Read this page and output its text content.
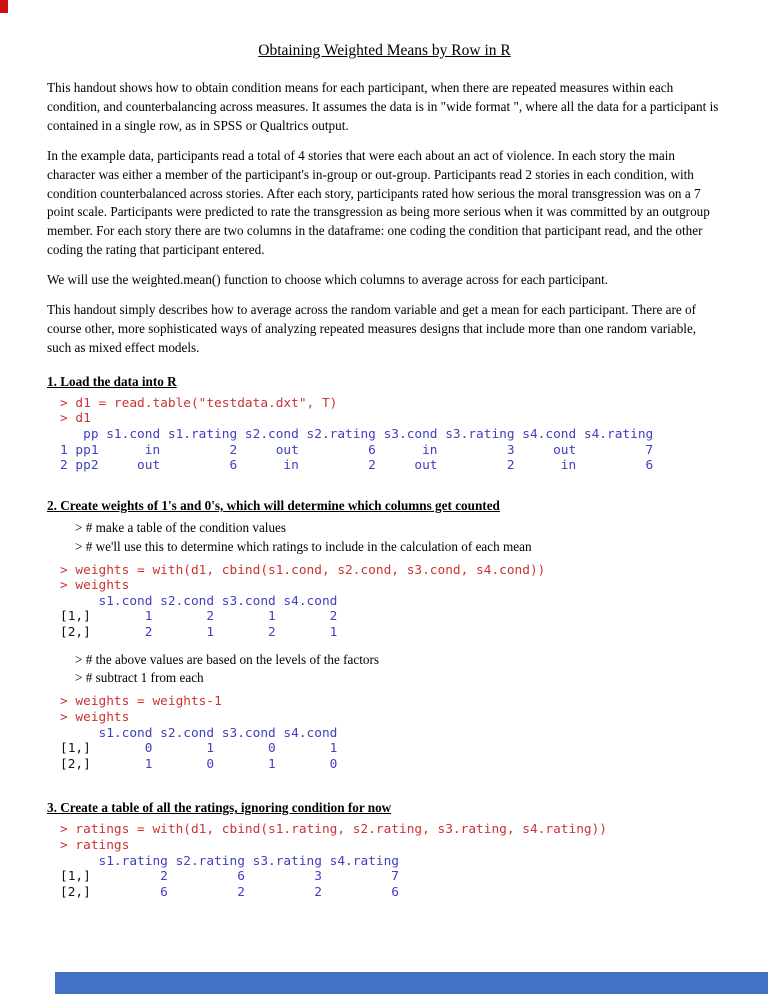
Obtaining Weighted Means by Row in R

This handout shows how to obtain condition means for each participant, when there are repeated measures within each condition, and counterbalancing across measures. It assumes the data is in "wide format ", where all the data for a participant is contained in a single row, as in SPSS or Qualtrics output.

In the example data, participants read a total of 4 stories that were each about an act of violence. In each story the main character was either a member of the participant's in-group or out-group. Participants read 2 stories in each condition, with condition counterbalanced across stories. After each story, participants rated how serious the moral transgression was on a 7 point scale. Participants were predicted to rate the transgression as being more serious when it was committed by an outgroup member. For each story there are two columns in the dataframe: one coding the condition that participant read, and the other coding the rating that participant entered.

We will use the weighted.mean() function to choose which columns to average across for each participant.

This handout simply describes how to average across the random variable and get a mean for each participant. There are of course other, more sophisticated ways of analyzing repeated measures designs that include more than one random variable, such as mixed effect models.

1. Load the data into R
> d1 = read.table("testdata.dxt", T)
> d1
pp s1.cond s1.rating s2.cond s2.rating s3.cond s3.rating s4.cond s4.rating
1 pp1      in         2     out         6      in         3     out         7
2 pp2     out         6      in         2     out         2      in         6
2. Create weights of 1's and 0's, which will determine which columns get counted
> # make a table of the condition values
> # we'll use this to determine which ratings to include in the calculation of each mean
> weights = with(d1, cbind(s1.cond, s2.cond, s3.cond, s4.cond))
> weights
s1.cond s2.cond s3.cond s4.cond
[1,]       1       2       1       2
[2,]       2       1       2       1
> # the above values are based on the levels of the factors
> # subtract 1 from each
> weights = weights-1
> weights
s1.cond s2.cond s3.cond s4.cond
[1,]       0       1       0       1
[2,]       1       0       1       0
3. Create a table of all the ratings, ignoring condition for now
> ratings = with(d1, cbind(s1.rating, s2.rating, s3.rating, s4.rating))
> ratings
s1.rating s2.rating s3.rating s4.rating
[1,]         2         6         3         7
[2,]         6         2         2         6
